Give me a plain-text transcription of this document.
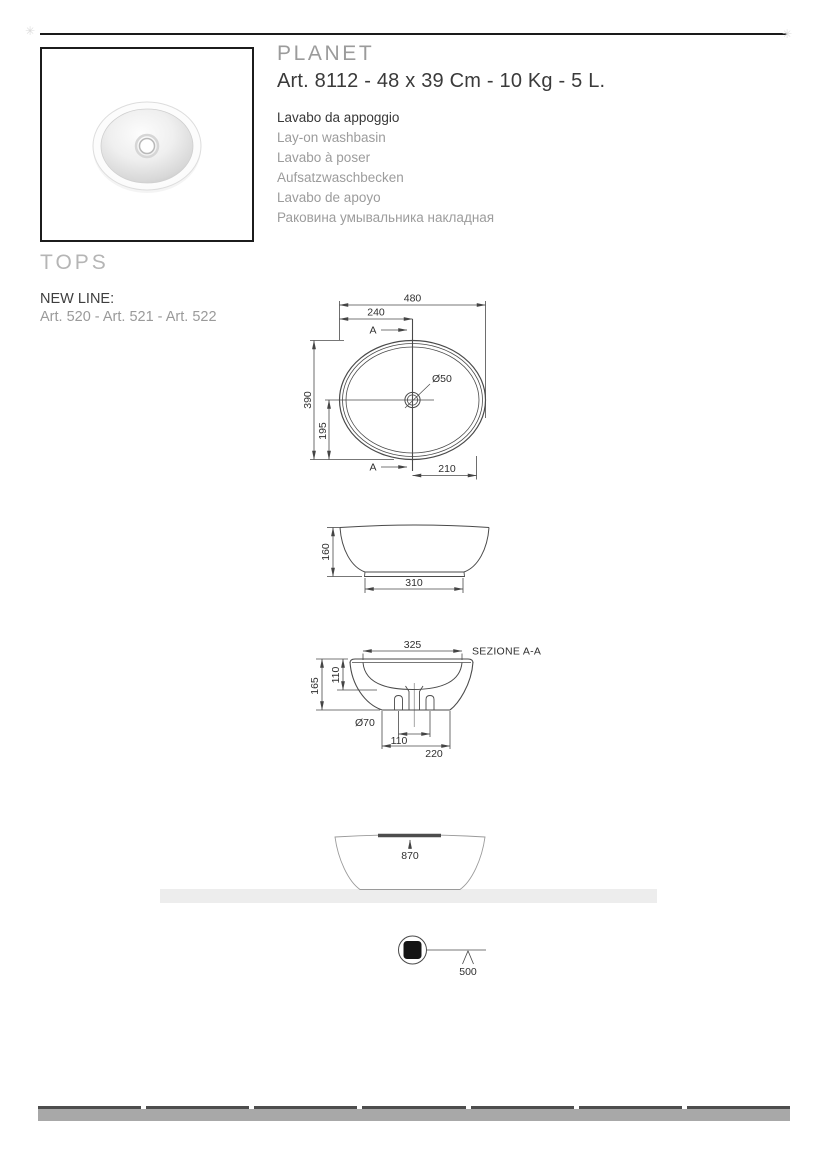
✳	✳
PLANET
Art. 8112 - 48 x 39 Cm - 10 Kg - 5 L.
Lavabo da appoggio
Lay-on washbasin
Lavabo à poser
Aufsatzwaschbecken
Lavabo de apoyo
Раковина умывальника накладная
TOPS
NEW LINE:
Art. 520 - Art. 521 - Art. 522
480
240
A
Ø50
390
195
A	210
160
310
325
SEZIONE A-A
165
110
Ø70
110
220
870
500
